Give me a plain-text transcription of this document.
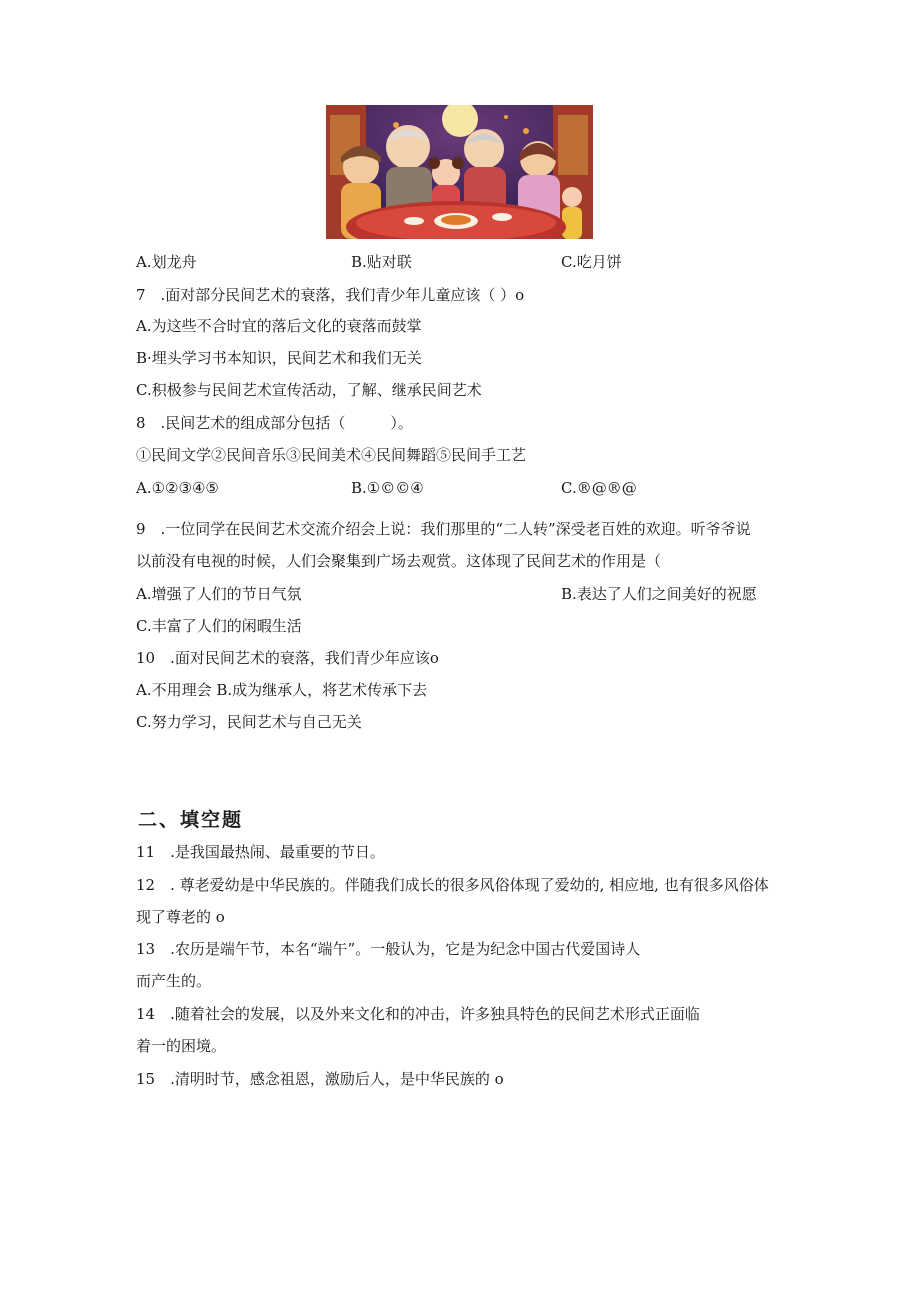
A.划龙舟	B.贴对联	C.吃月饼
7　.面对部分民间艺术的衰落，我们青少年儿童应该（ ）o
A.为这些不合时宜的落后文化的衰落而鼓掌
B·埋头学习书本知识，民间艺术和我们无关
C.积极参与民间艺术宣传活动，了解、继承民间艺术
8　.民间艺术的组成部分包括（　　　）。
①民间文学②民间音乐③民间美术④民间舞蹈⑤民间手工艺
A.①②③④⑤	B.①©©④	C.®@®@
9　.一位同学在民间艺术交流介绍会上说：我们那里的“二人转”深受老百姓的欢迎。听爷爷说
以前没有电视的时候，人们会聚集到广场去观赏。这体现了民间艺术的作用是（
A.增强了人们的节日气氛	B.表达了人们之间美好的祝愿
C.丰富了人们的闲暇生活
10　.面对民间艺术的衰落，我们青少年应该o
A.不用理会 B.成为继承人，将艺术传承下去
C.努力学习，民间艺术与自己无关
二、填空题
11　.是我国最热闹、最重要的节日。
12　. 尊老爱幼是中华民族的。伴随我们成长的很多风俗体现了爱幼的, 相应地, 也有很多风俗体
现了尊老的 o
13　.农历是端午节，本名“端午”。一般认为，它是为纪念中国古代爱国诗人
而产生的。
14　.随着社会的发展，以及外来文化和的冲击，许多独具特色的民间艺术形式正面临
着一的困境。
15　.清明时节，感念祖恩，激励后人，是中华民族的 o
